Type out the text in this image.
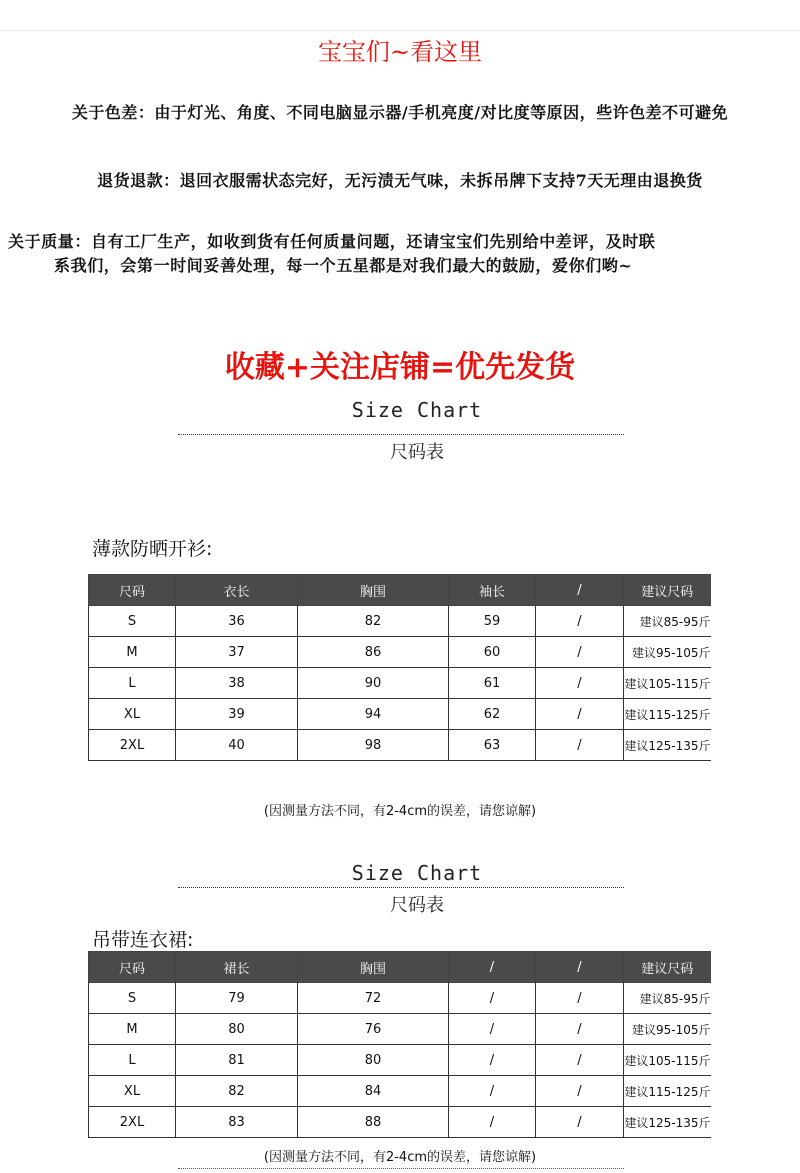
宝宝们~看这里
关于色差：由于灯光、角度、不同电脑显示器/手机亮度/对比度等原因，些许色差不可避免
退货退款：退回衣服需状态完好，无污渍无气味，未拆吊牌下支持7天无理由退换货
关于质量：自有工厂生产，如收到货有任何质量问题，还请宝宝们先别给中差评，及时联
系我们，会第一时间妥善处理，每一个五星都是对我们最大的鼓励，爱你们哟~
收藏+关注店铺=优先发货
Size Chart
尺码表
薄款防晒开衫:
尺码	衣长	胸围	袖长	/	建议尺码
S	36	82	59	/	建议85-95斤
M	37	86	60	/	建议95-105斤
L	38	90	61	/	建议105-115斤
XL	39	94	62	/	建议115-125斤
2XL	40	98	63	/	建议125-135斤
(因测量方法不同，有2-4cm的误差，请您谅解)
Size Chart
尺码表
吊带连衣裙:
尺码	裙长	胸围	/	/	建议尺码
S	79	72	/	/	建议85-95斤
M	80	76	/	/	建议95-105斤
L	81	80	/	/	建议105-115斤
XL	82	84	/	/	建议115-125斤
2XL	83	88	/	/	建议125-135斤
(因测量方法不同，有2-4cm的误差，请您谅解)
